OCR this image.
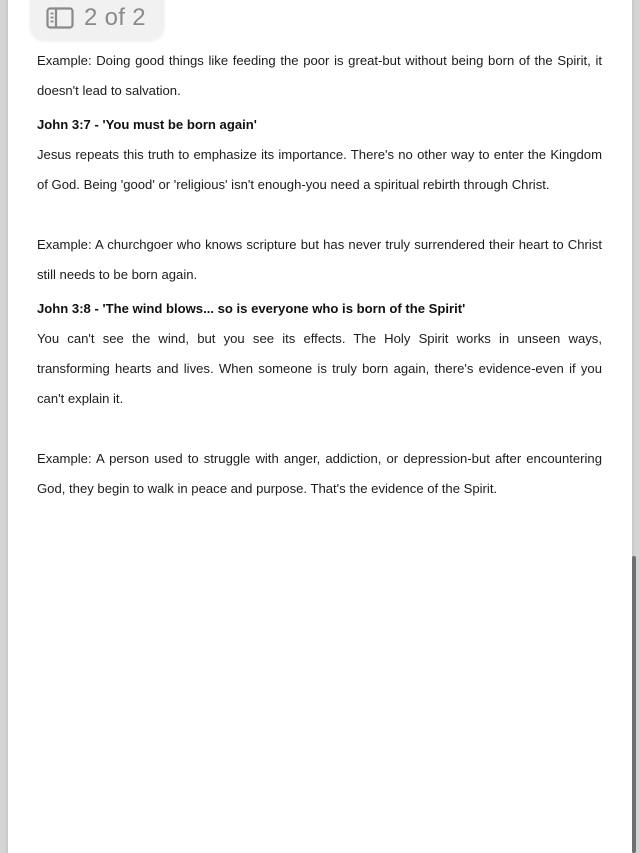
Example: Doing good things like feeding the poor is great-but without being born of the Spirit, it doesn't lead to salvation.

John 3:7 - 'You must be born again'

Jesus repeats this truth to emphasize its importance. There's no other way to enter the Kingdom of God. Being 'good' or 'religious' isn't enough-you need a spiritual rebirth through Christ.

Example: A churchgoer who knows scripture but has never truly surrendered their heart to Christ still needs to be born again.

John 3:8 - 'The wind blows... so is everyone who is born of the Spirit'

You can't see the wind, but you see its effects. The Holy Spirit works in unseen ways, transforming hearts and lives. When someone is truly born again, there's evidence-even if you can't explain it.

Example: A person used to struggle with anger, addiction, or depression-but after encountering God, they begin to walk in peace and purpose. That's the evidence of the Spirit.

2 of 2
